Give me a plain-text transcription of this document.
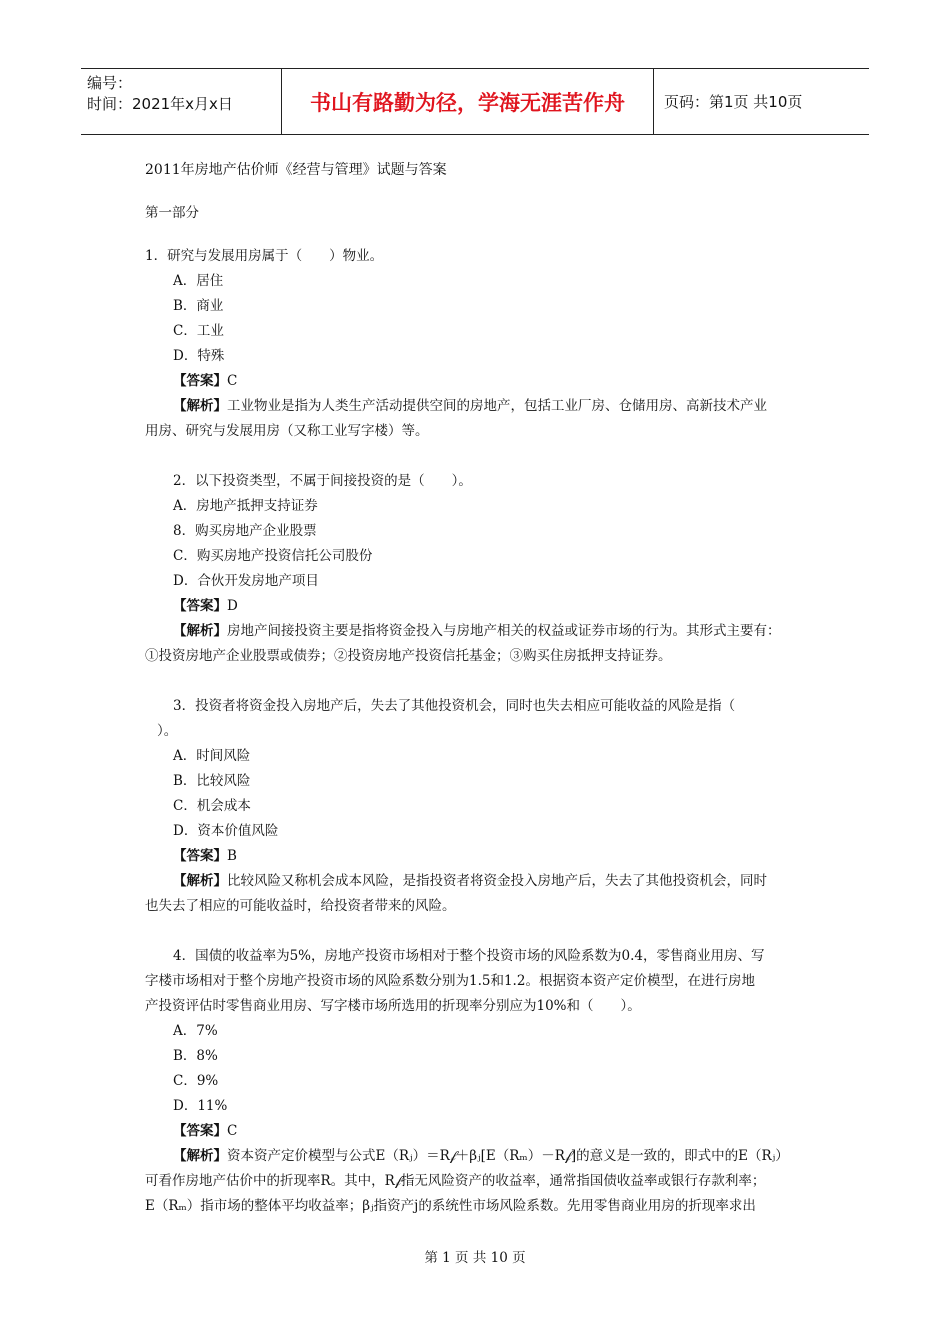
编号：
时间：2021年x月x日	书山有路勤为径，学海无涯苦作舟	页码：第1页 共10页
2011年房地产估价师《经营与管理》试题与答案
第一部分
1．研究与发展用房属于（　　）物业。
A．居住
B．商业
C．工业
D．特殊
【答案】C
【解析】工业物业是指为人类生产活动提供空间的房地产，包括工业厂房、仓储用房、高新技术产业
用房、研究与发展用房（又称工业写字楼）等。
2．以下投资类型，不属于间接投资的是（　　）。
A．房地产抵押支持证券
8．购买房地产企业股票
C．购买房地产投资信托公司股份
D．合伙开发房地产项目
【答案】D
【解析】房地产间接投资主要是指将资金投入与房地产相关的权益或证券市场的行为。其形式主要有：
①投资房地产企业股票或债券；②投资房地产投资信托基金；③购买住房抵押支持证券。
3．投资者将资金投入房地产后，失去了其他投资机会，同时也失去相应可能收益的风险是指（
）。
A．时间风险
B．比较风险
C．机会成本
D．资本价值风险
【答案】B
【解析】比较风险又称机会成本风险，是指投资者将资金投入房地产后，失去了其他投资机会，同时
也失去了相应的可能收益时，给投资者带来的风险。
4．国债的收益率为5%，房地产投资市场相对于整个投资市场的风险系数为0.4，零售商业用房、写
字楼市场相对于整个房地产投资市场的风险系数分别为1.5和1.2。根据资本资产定价模型，在进行房地
产投资评估时零售商业用房、写字楼市场所选用的折现率分别应为10%和（　　）。
A．7%
B．8%
C．9%
D．11%
【答案】C
【解析】资本资产定价模型与公式E（Rⱼ）＝R𝒻＋βⱼ[E（Rₘ）－R𝒻]的意义是一致的，即式中的E（Rⱼ）
可看作房地产估价中的折现率R。其中，R𝒻指无风险资产的收益率，通常指国债收益率或银行存款利率；
E（Rₘ）指市场的整体平均收益率；βⱼ指资产j的系统性市场风险系数。先用零售商业用房的折现率求出
第 1 页 共 10 页
